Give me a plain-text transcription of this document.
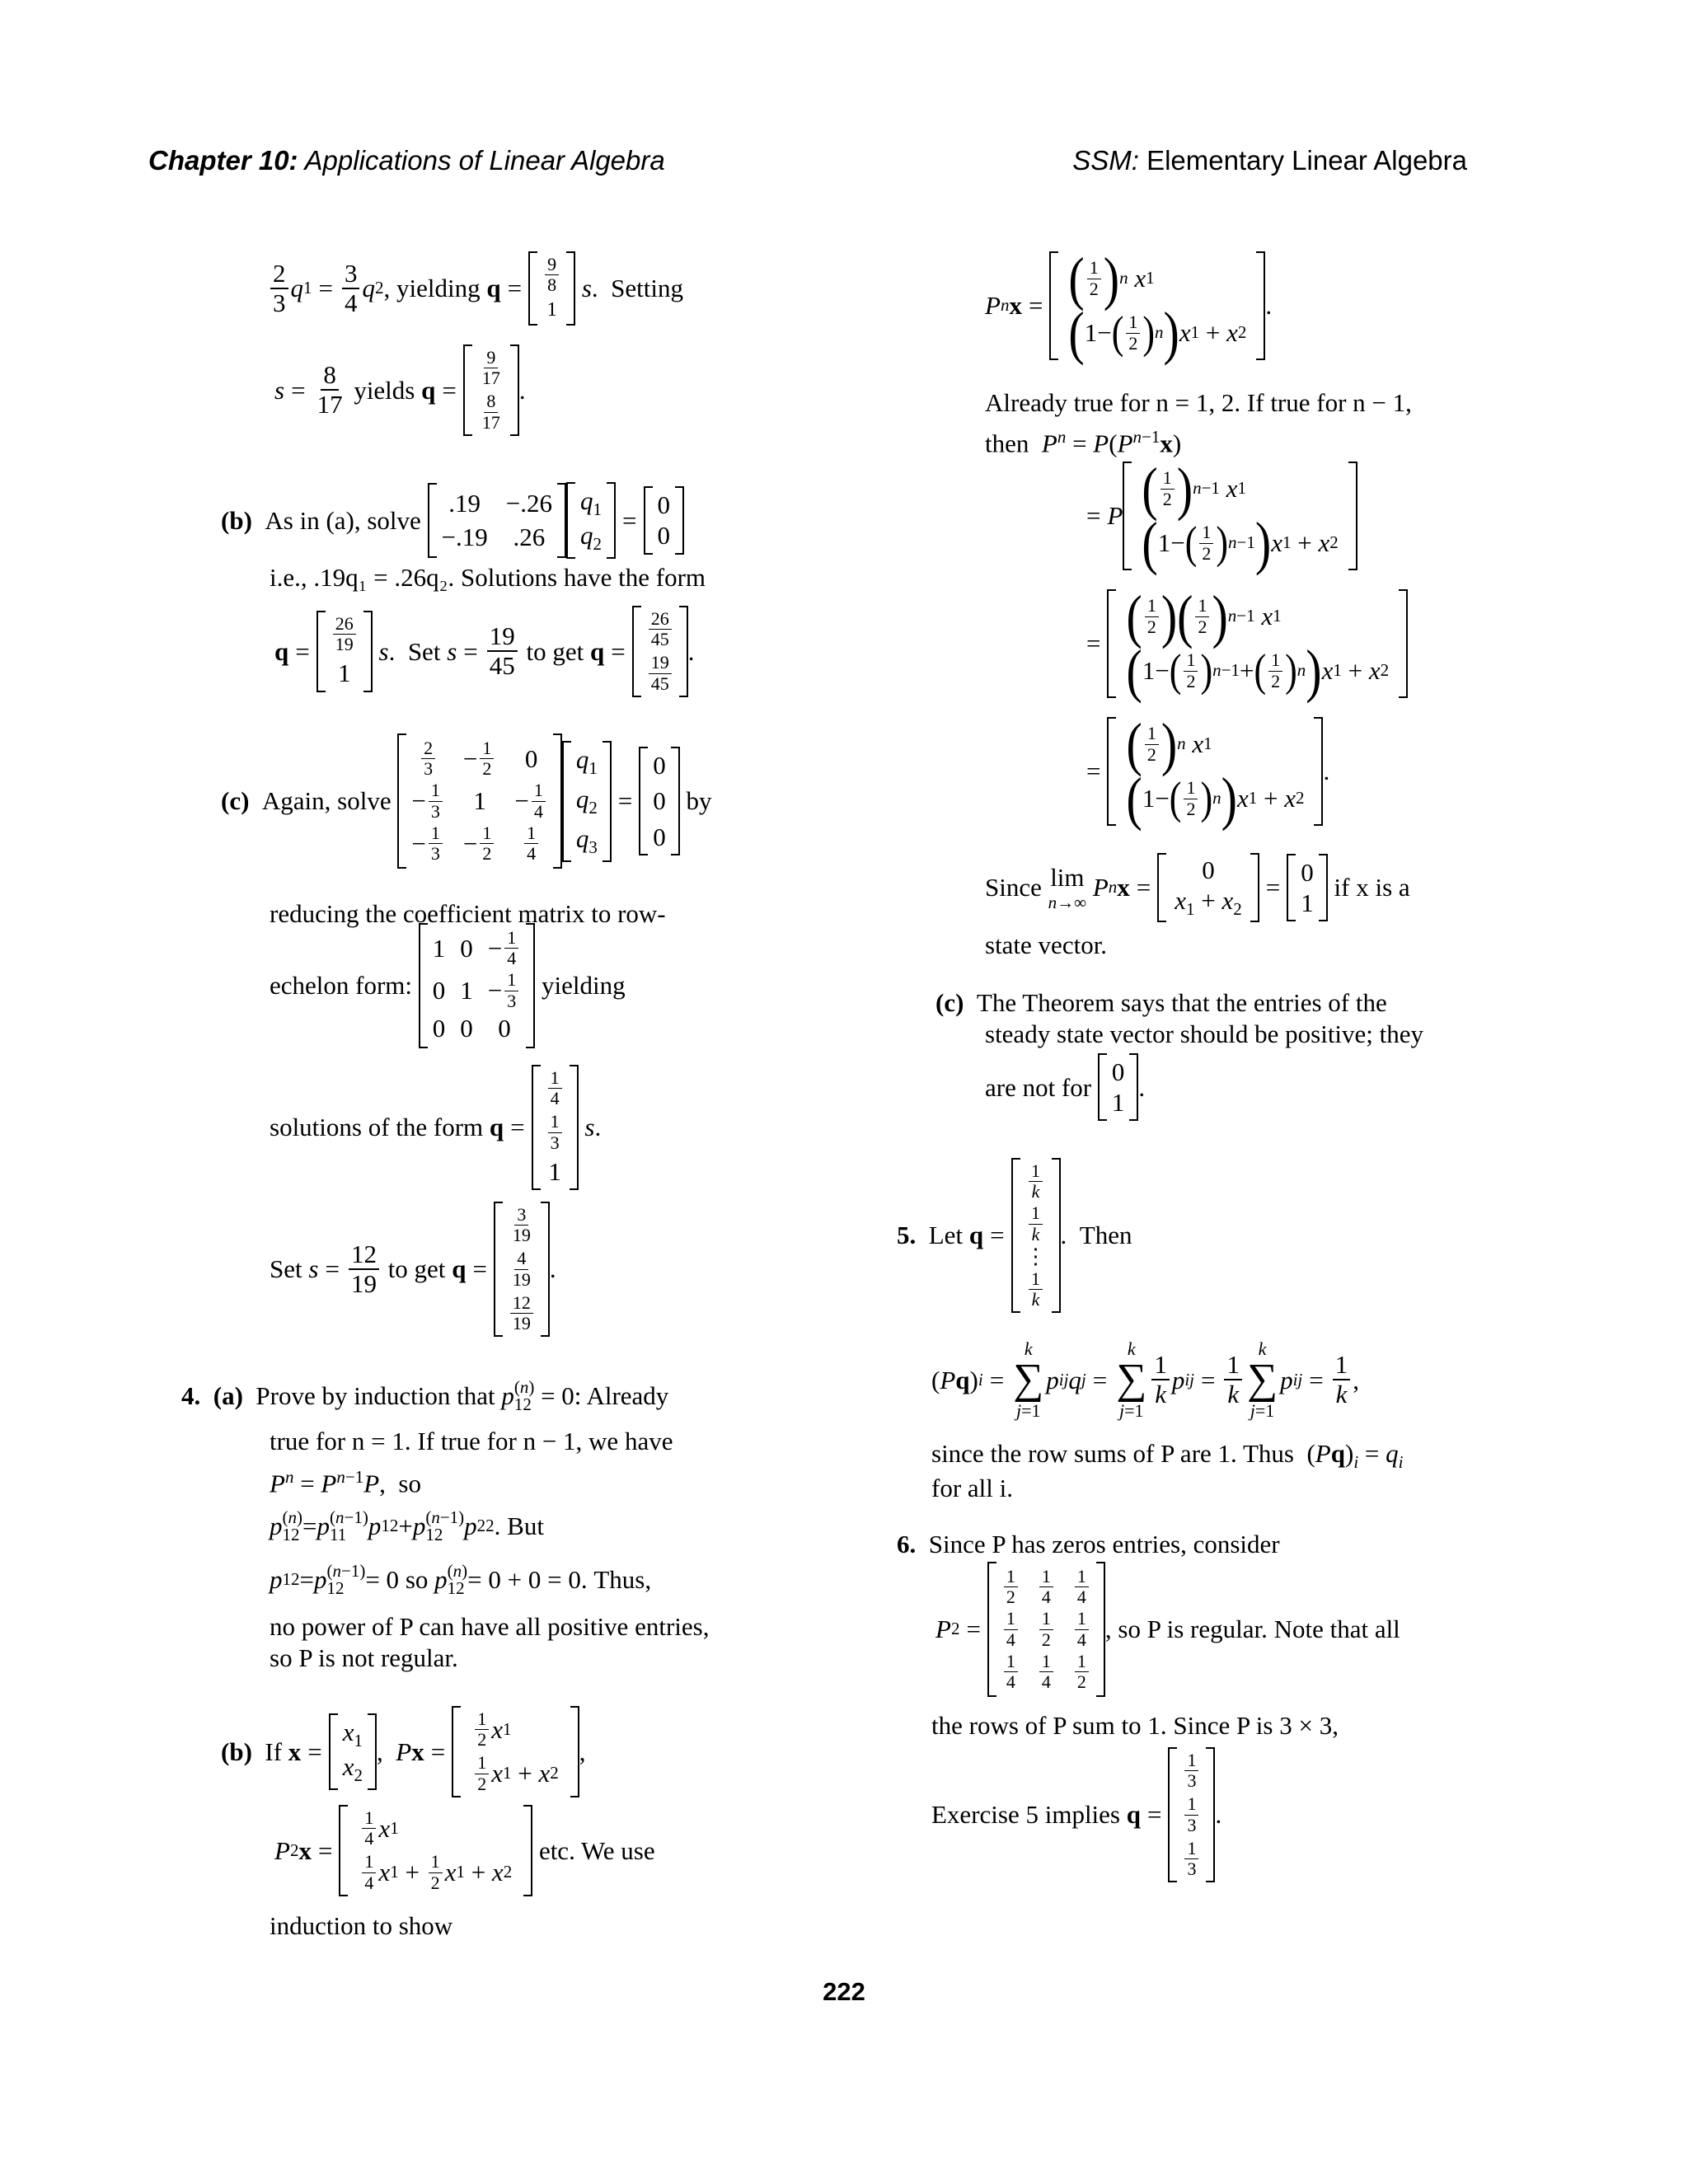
Chapter 10: Applications of Linear Algebra	SSM: Elementary Linear Algebra
$\frac{2}{3}$ q $1 = \frac{3}{4}$ q 2 , yielding
$q = \frac{9}{8}$
1

s . Setting
$s = \frac{8}{17}$
yields
q =
$\frac{9}{17}$
$\frac{8}{17}$
.
(b)
As in (a), solve

.19 −.26
−.19 .26
$q_1$
$q_2$
=
0
0
i.e., .19q₁ = .26q₂. Solutions have the form
$q = \frac{26}{19}$
1

s . Set
$s = \frac{19}{45}$
to get
q =
$\frac{26}{45}$
$\frac{19}{45}$
.
(c)
Again, solve

$\frac{2}{3} - \frac{1}{2} 0$
− $\frac{1}{3} 1 - \frac{1}{4}$
− $\frac{1}{3} - \frac{1}{2} \frac{1}{4}$
$q_1$
$q_2$
$q_3$
=
0
0
0

by
reducing the coefficient matrix to row-
echelon form:

1 $0 - \frac{1}{4}$
0 $1 - \frac{1}{3}$
0 0 0

yielding
solutions of the form
q =
$\frac{1}{4}$
$\frac{1}{3}$
1

s .
Set
$s = \frac{12}{19}$
to get
q =
$\frac{3}{19}$
$\frac{4}{19}$
$\frac{12}{19}$
.
4.
(a)
Prove by induction that
p (n)
12
= 0: Already
true for n = 1. If true for n − 1, we have
$P^n = P^{n-1}P$,  so
p (n)
12 = p (n−1)
11 p 12 + p (n−1)
12 p 22 . But
p 12 = p (n−1)
12 = 0 so
p (n)
12 = 0 + 0 = 0. Thus,
no power of P can have all positive entries,
so P is not regular.
(b)
If
x =
$x_1$
$x_2$
, P x =
$\frac{1}{2}$ x 1
$\frac{1}{2}$ x 1 + x 2
,
P 2 x =
$\frac{1}{4}$ x 1
$\frac{1}{4}$ x $1 + \frac{1}{2}$ x 1 + x 2

etc. We use
induction to show
P n x = ( $\frac{1}{2}$ ) n
x 1
( 1− ( $\frac{1}{2}$ ) n ) x 1 + x 2
.
Already true for n = 1, 2. If true for n − 1,
then $P^n = P(P^{n-1}x)$
= P ( $\frac{1}{2}$ ) n−1
x 1
( 1− ( $\frac{1}{2}$ ) n−1 ) x 1 + x 2
= ( $\frac{1}{2}$ ) ( $\frac{1}{2}$ ) n−1
x 1
( 1− ( $\frac{1}{2}$ ) n−1 + ( $\frac{1}{2}$ ) n ) x 1 + x 2
= ( $\frac{1}{2}$ ) n
x 1
( 1− ( $\frac{1}{2}$ ) n ) x 1 + x 2
.
Since
lim
n→∞

P n x =
0
$x_1 + x_2$
=
0
1

if x is a
state vector.
(c) The Theorem says that the entries of the
steady state vector should be positive; they
are not for

0
1
.
5.
Let
q =
$\frac{1}{k}$
$\frac{1}{k}$
⋮
$\frac{1}{k}$
. Then
( P q ) i =
k
∑
j=1
p ij q j =
k
∑
j=1
$\frac{1}{k}$ p ij = $\frac{1}{k}$
k
∑
j=1
p ij = $\frac{1}{k}$ ,
since the row sums of P are 1. Thus  $(Pq)_i = q_i$
for all i.
6. Since P has zeros entries, consider
P 2 =
$\frac{1}{2} \frac{1}{4} \frac{1}{4}$
$\frac{1}{4} \frac{1}{2} \frac{1}{4}$
$\frac{1}{4} \frac{1}{4} \frac{1}{2}$
, so P is regular. Note that all
the rows of P sum to 1. Since P is 3 × 3,
Exercise 5 implies
q =
$\frac{1}{3}$
$\frac{1}{3}$
$\frac{1}{3}$
.
222
